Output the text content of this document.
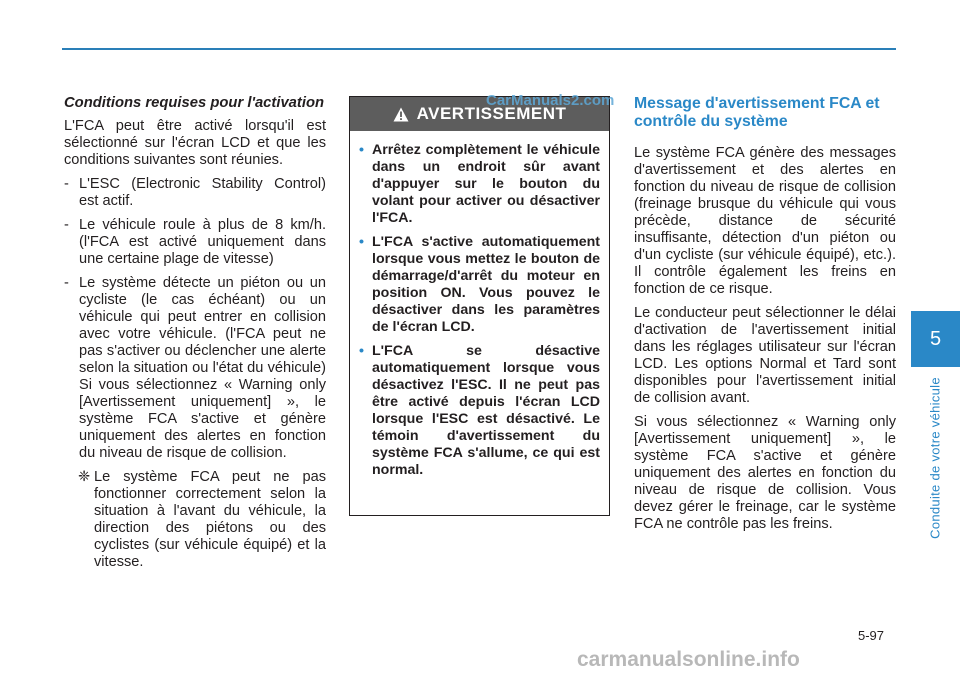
Conditions requises pour l'activation

L'FCA peut être activé lorsqu'il est sélectionné sur l'écran LCD et que les conditions suivantes sont réunies.

- L'ESC (Electronic Stability Control) est actif.
- Le véhicule roule à plus de 8 km/h. (l'FCA est activé uniquement dans une certaine plage de vitesse)
- Le système détecte un piéton ou un cycliste (le cas échéant) ou un véhicule qui peut entrer en collision avec votre véhicule. (l'FCA peut ne pas s'activer ou déclencher une alerte selon la situation ou l'état du véhicule) Si vous sélectionnez « Warning only [Avertissement uniquement] », le système FCA s'active et génère uniquement des alertes en fonction du niveau de risque de collision.
❈ Le système FCA peut ne pas fonctionner correctement selon la situation à l'avant du véhicule, la direction des piétons ou des cyclistes (sur véhicule équipé) et la vitesse.
AVERTISSEMENT
• Arrêtez complètement le véhicule dans un endroit sûr avant d'appuyer sur le bouton du volant pour activer ou désactiver l'FCA.
• L'FCA s'active automatiquement lorsque vous mettez le bouton de démarrage/d'arrêt du moteur en position ON. Vous pouvez le désactiver dans les paramètres de l'écran LCD.
• L'FCA se désactive automatiquement lorsque vous désactivez l'ESC. Il ne peut pas être activé depuis l'écran LCD lorsque l'ESC est désactivé. Le témoin d'avertissement du système FCA s'allume, ce qui est normal.
CarManuals2.com Message d'avertissement FCA et contrôle du système

Le système FCA génère des messages d'avertissement et des alertes en fonction du niveau de risque de collision (freinage brusque du véhicule qui vous précède, distance de sécurité insuffisante, détection d'un piéton ou d'un cycliste (sur véhicule équipé), etc.). Il contrôle également les freins en fonction de ce risque.

Le conducteur peut sélectionner le délai d'activation de l'avertissement initial dans les réglages utilisateur sur l'écran LCD. Les options Normal et Tard sont disponibles pour l'avertissement initial de collision avant.

Si vous sélectionnez « Warning only [Avertissement uniquement] », le système FCA s'active et génère uniquement des alertes en fonction du niveau de risque de collision. Vous devez gérer le freinage, car le système FCA ne contrôle pas les freins.

5
Conduite de votre véhicule
5-97
carmanualsonline.info
